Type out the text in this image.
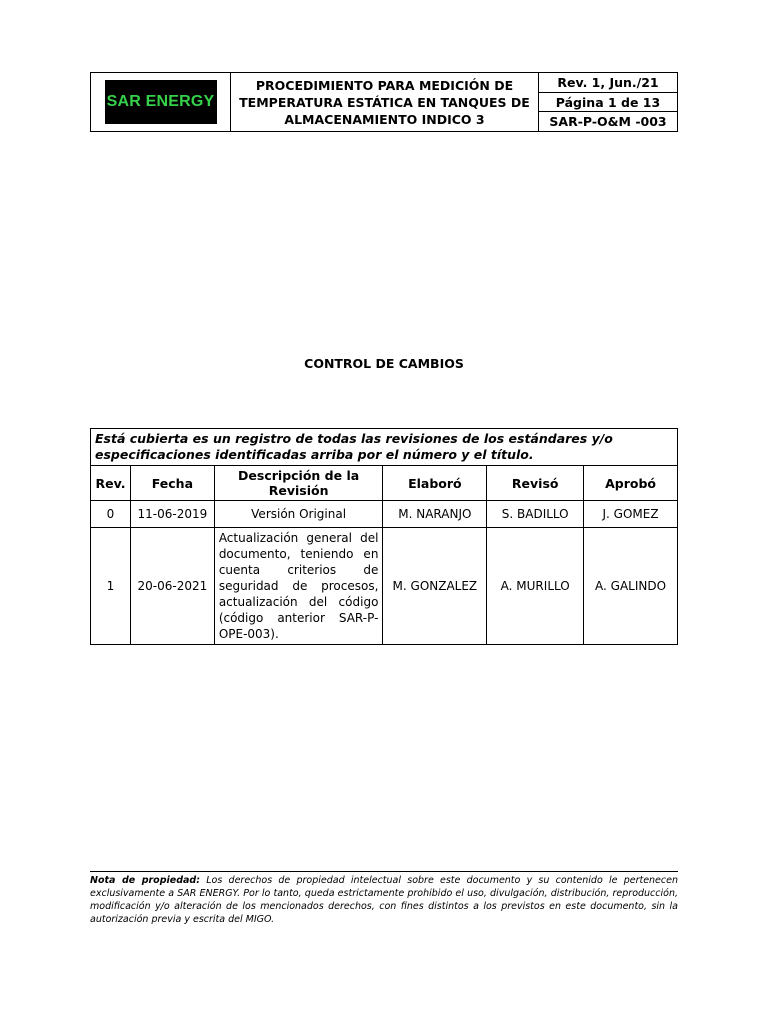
SAR ENERGY
PROCEDIMIENTO PARA MEDICIÓN DE TEMPERATURA ESTÁTICA EN TANQUES DE ALMACENAMIENTO INDICO 3
Rev. 1, Jun./21
Página 1 de 13
SAR-P-O&M -003
CONTROL DE CAMBIOS
Está cubierta es un registro de todas las revisiones de los estándares y/o especificaciones identificadas arriba por el número y el título.					
Rev.	Fecha	Descripción de la Revisión	Elaboró	Revisó	Aprobó
0	11-06-2019	Versión Original	M. NARANJO	S. BADILLO	J. GOMEZ
1	20-06-2021	Actualización general del documento, teniendo en cuenta criterios de seguridad de procesos, actualización del código (código anterior SAR-P-OPE-003).	M. GONZALEZ	A. MURILLO	A. GALINDO
Nota de propiedad: Los derechos de propiedad intelectual sobre este documento y su contenido le pertenecen exclusivamente a SAR ENERGY. Por lo tanto, queda estrictamente prohibido el uso, divulgación, distribución, reproducción, modificación y/o alteración de los mencionados derechos, con fines distintos a los previstos en este documento, sin la autorización previa y escrita del MIGO.
